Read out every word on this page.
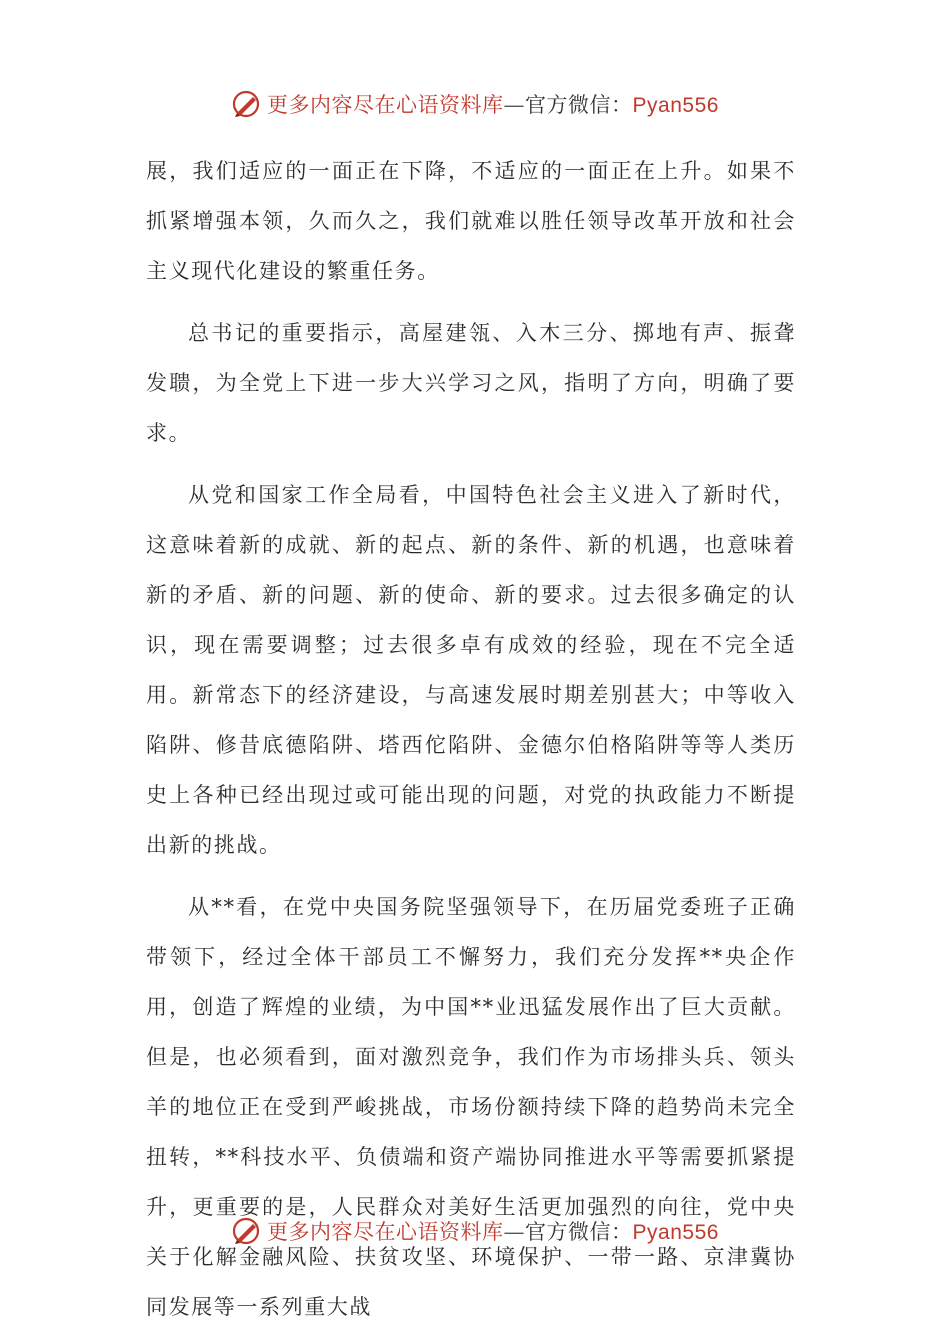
更多内容尽在心语资料库—官方微信：Pyan556

展，我们适应的一面正在下降，不适应的一面正在上升。如果不抓紧增强本领，久而久之，我们就难以胜任领导改革开放和社会主义现代化建设的繁重任务。

总书记的重要指示，高屋建瓴、入木三分、掷地有声、振聋发聩，为全党上下进一步大兴学习之风，指明了方向，明确了要求。

从党和国家工作全局看，中国特色社会主义进入了新时代，这意味着新的成就、新的起点、新的条件、新的机遇，也意味着新的矛盾、新的问题、新的使命、新的要求。过去很多确定的认识，现在需要调整；过去很多卓有成效的经验，现在不完全适用。新常态下的经济建设，与高速发展时期差别甚大；中等收入陷阱、修昔底德陷阱、塔西佗陷阱、金德尔伯格陷阱等等人类历史上各种已经出现过或可能出现的问题，对党的执政能力不断提出新的挑战。

从**看，在党中央国务院坚强领导下，在历届党委班子正确带领下，经过全体干部员工不懈努力，我们充分发挥**央企作用，创造了辉煌的业绩，为中国**业迅猛发展作出了巨大贡献。但是，也必须看到，面对激烈竞争，我们作为市场排头兵、领头羊的地位正在受到严峻挑战，市场份额持续下降的趋势尚未完全扭转，**科技水平、负债端和资产端协同推进水平等需要抓紧提升，更重要的是，人民群众对美好生活更加强烈的向往，党中央关于化解金融风险、扶贫攻坚、环境保护、一带一路、京津冀协同发展等一系列重大战

更多内容尽在心语资料库—官方微信：Pyan556
